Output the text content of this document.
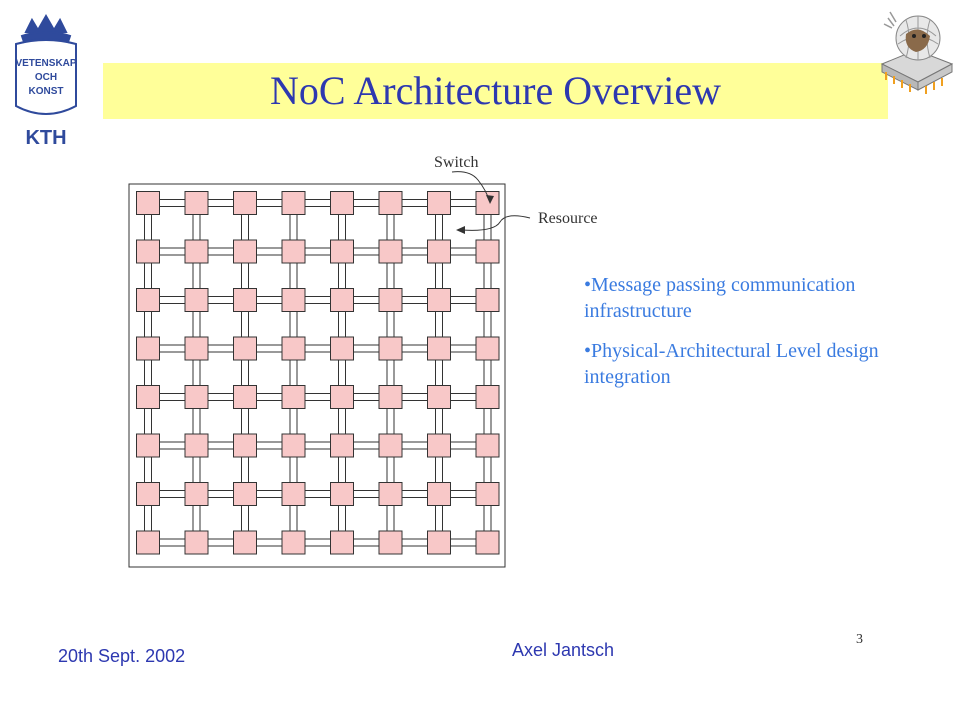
VETENSKAP
OCH
KONST
KTH
NoC Architecture Overview
Switch
Resource
•Message passing communication infrastructure
•Physical-Architectural Level design integration
20th Sept. 2002	Axel Jantsch
3
